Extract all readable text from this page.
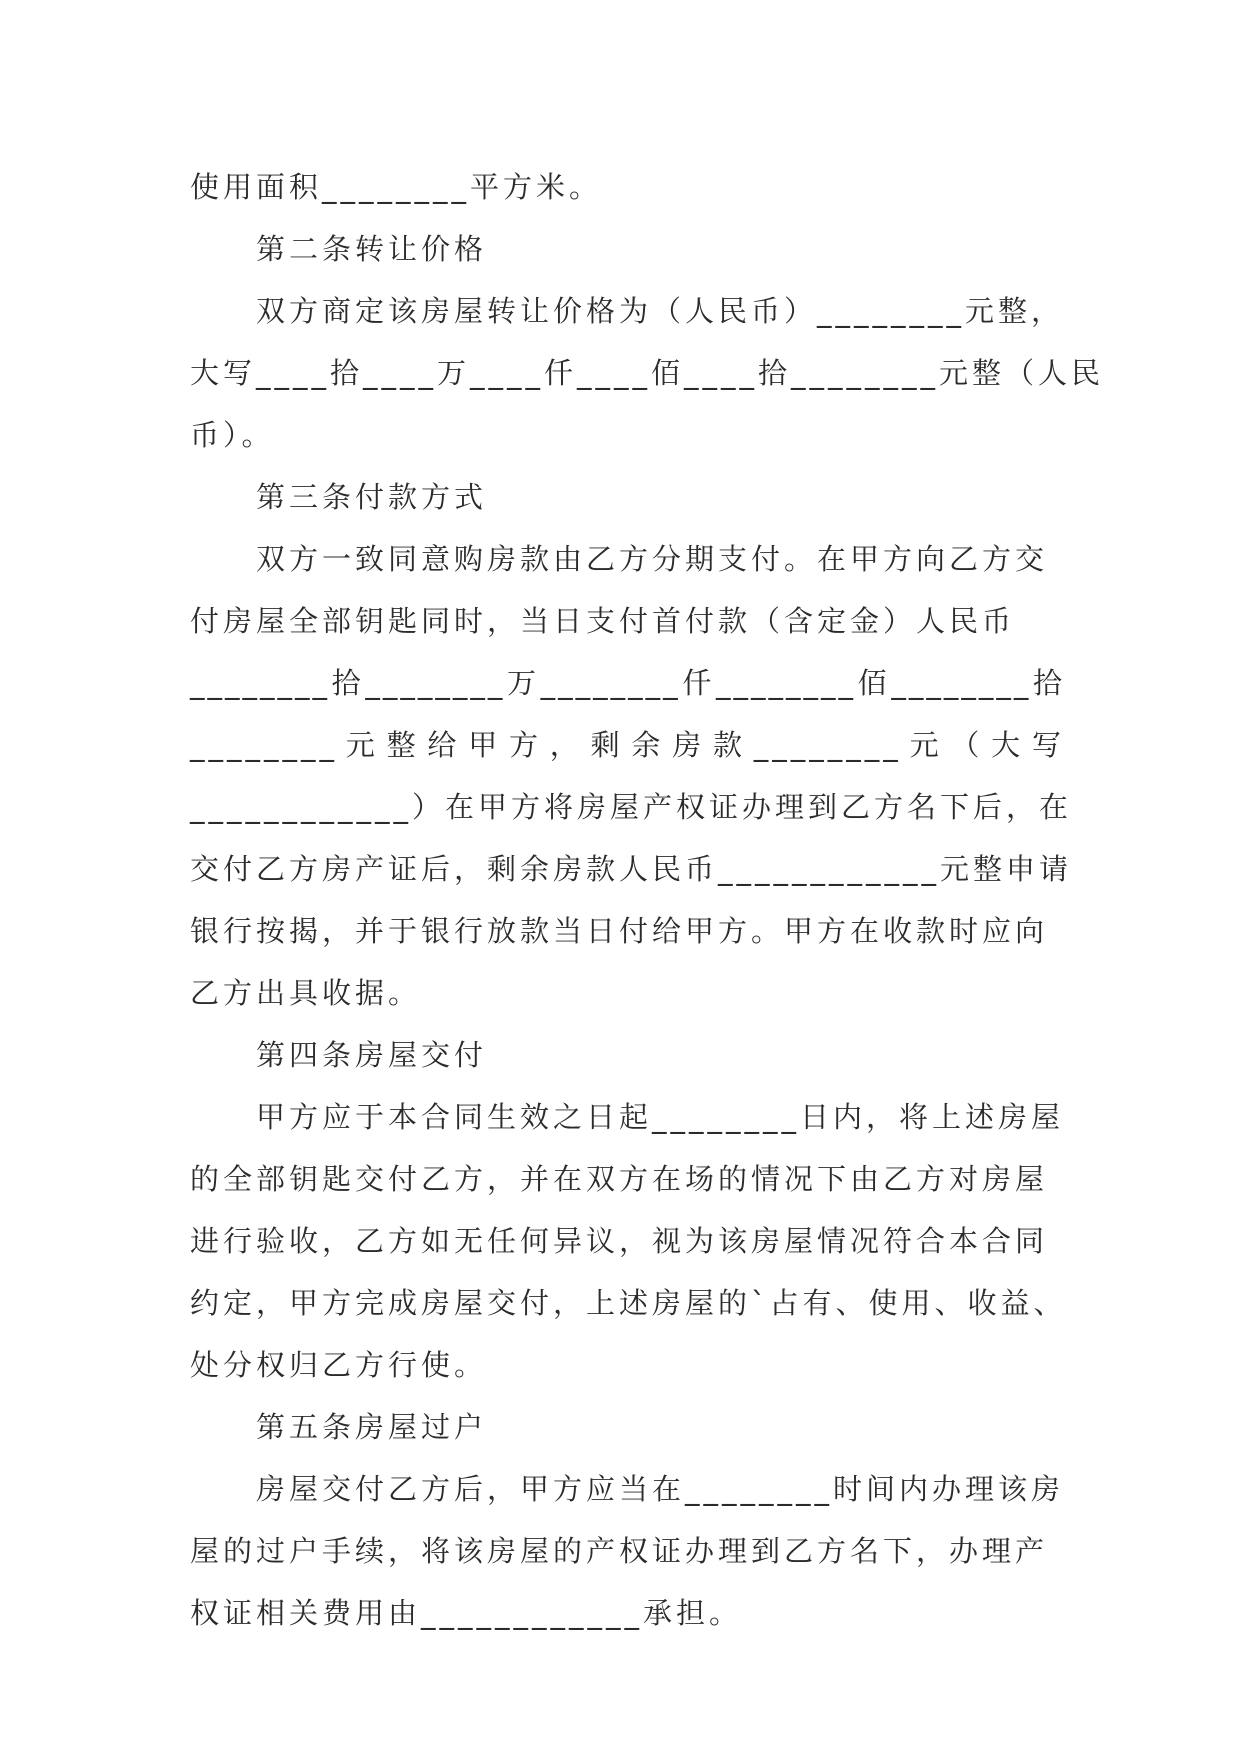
使用面积________平方米。

第二条转让价格

双方商定该房屋转让价格为（人民币）________元整，

大写____拾____万____仟____佰____拾________元整（人民

币）。

第三条付款方式

双方一致同意购房款由乙方分期支付。在甲方向乙方交

付房屋全部钥匙同时，当日支付首付款（含定金）人民币

________拾________万________仟________佰________拾

________元整给甲方，剩余房款________元（大写

____________）在甲方将房屋产权证办理到乙方名下后，在

交付乙方房产证后，剩余房款人民币____________元整申请

银行按揭，并于银行放款当日付给甲方。甲方在收款时应向

乙方出具收据。

第四条房屋交付

甲方应于本合同生效之日起________日内，将上述房屋

的全部钥匙交付乙方，并在双方在场的情况下由乙方对房屋

进行验收，乙方如无任何异议，视为该房屋情况符合本合同

约定，甲方完成房屋交付，上述房屋的`占有、使用、收益、

处分权归乙方行使。

第五条房屋过户

房屋交付乙方后，甲方应当在________时间内办理该房

屋的过户手续，将该房屋的产权证办理到乙方名下，办理产

权证相关费用由____________承担。
